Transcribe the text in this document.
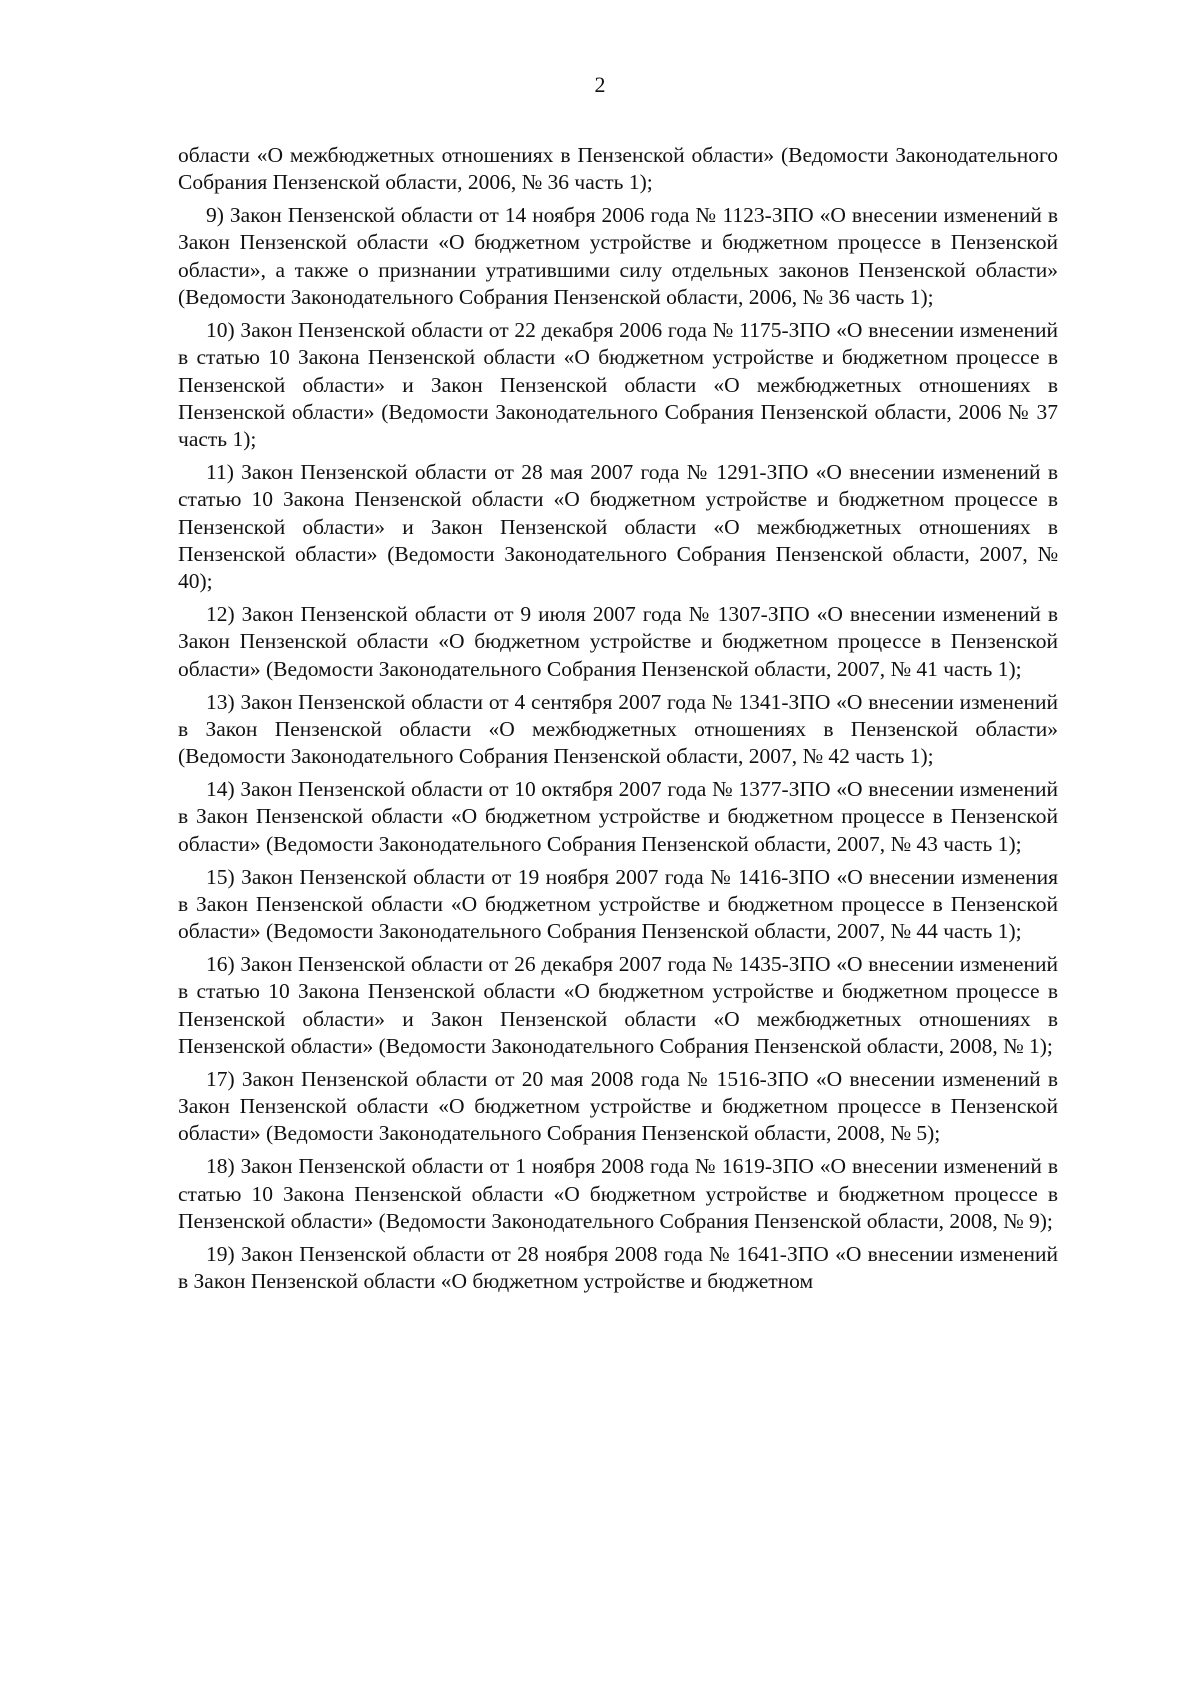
2

области «О межбюджетных отношениях в Пензенской области» (Ведомости Законодательного Собрания Пензенской области, 2006, № 36 часть 1);

9) Закон Пензенской области от 14 ноября 2006 года № 1123-ЗПО «О внесении изменений в Закон Пензенской области «О бюджетном устройстве и бюджетном процессе в Пензенской области», а также о признании утратившими силу отдельных законов Пензенской области» (Ведомости Законодательного Собрания Пензенской области, 2006, № 36 часть 1);

10) Закон Пензенской области от 22 декабря 2006 года № 1175-ЗПО «О внесении изменений в статью 10 Закона Пензенской области «О бюджетном устройстве и бюджетном процессе в Пензенской области» и Закон Пензенской области «О межбюджетных отношениях в Пензенской области» (Ведомости Законодательного Собрания Пензенской области, 2006 № 37 часть 1);

11) Закон Пензенской области от 28 мая 2007 года № 1291-ЗПО «О внесении изменений в статью 10 Закона Пензенской области «О бюджетном устройстве и бюджетном процессе в Пензенской области» и Закон Пензенской области «О межбюджетных отношениях в Пензенской области» (Ведомости Законодательного Собрания Пензенской области, 2007, № 40);

12) Закон Пензенской области от 9 июля 2007 года № 1307-ЗПО «О внесении изменений в Закон Пензенской области «О бюджетном устройстве и бюджетном процессе в Пензенской области» (Ведомости Законодательного Собрания Пензенской области, 2007, № 41 часть 1);

13) Закон Пензенской области от 4 сентября 2007 года № 1341-ЗПО «О внесении изменений в Закон Пензенской области «О межбюджетных отношениях в Пензенской области» (Ведомости Законодательного Собрания Пензенской области, 2007, № 42 часть 1);

14) Закон Пензенской области от 10 октября 2007 года № 1377-ЗПО «О внесении изменений в Закон Пензенской области «О бюджетном устройстве и бюджетном процессе в Пензенской области» (Ведомости Законодательного Собрания Пензенской области, 2007, № 43 часть 1);

15) Закон Пензенской области от 19 ноября 2007 года № 1416-ЗПО «О внесении изменения в Закон Пензенской области «О бюджетном устройстве и бюджетном процессе в Пензенской области» (Ведомости Законодательного Собрания Пензенской области, 2007, № 44 часть 1);

16) Закон Пензенской области от 26 декабря 2007 года № 1435-ЗПО «О внесении изменений в статью 10 Закона Пензенской области «О бюджетном устройстве и бюджетном процессе в Пензенской области» и Закон Пензенской области «О межбюджетных отношениях в Пензенской области» (Ведомости Законодательного Собрания Пензенской области, 2008, № 1);

17) Закон Пензенской области от 20 мая 2008 года № 1516-ЗПО «О внесении изменений в Закон Пензенской области «О бюджетном устройстве и бюджетном процессе в Пензенской области» (Ведомости Законодательного Собрания Пензенской области, 2008, № 5);

18) Закон Пензенской области от 1 ноября 2008 года № 1619-ЗПО «О внесении изменений в статью 10 Закона Пензенской области «О бюджетном устройстве и бюджетном процессе в Пензенской области» (Ведомости Законодательного Собрания Пензенской области, 2008, № 9);

19) Закон Пензенской области от 28 ноября 2008 года № 1641-ЗПО «О внесении изменений в Закон Пензенской области «О бюджетном устройстве и бюджетном
